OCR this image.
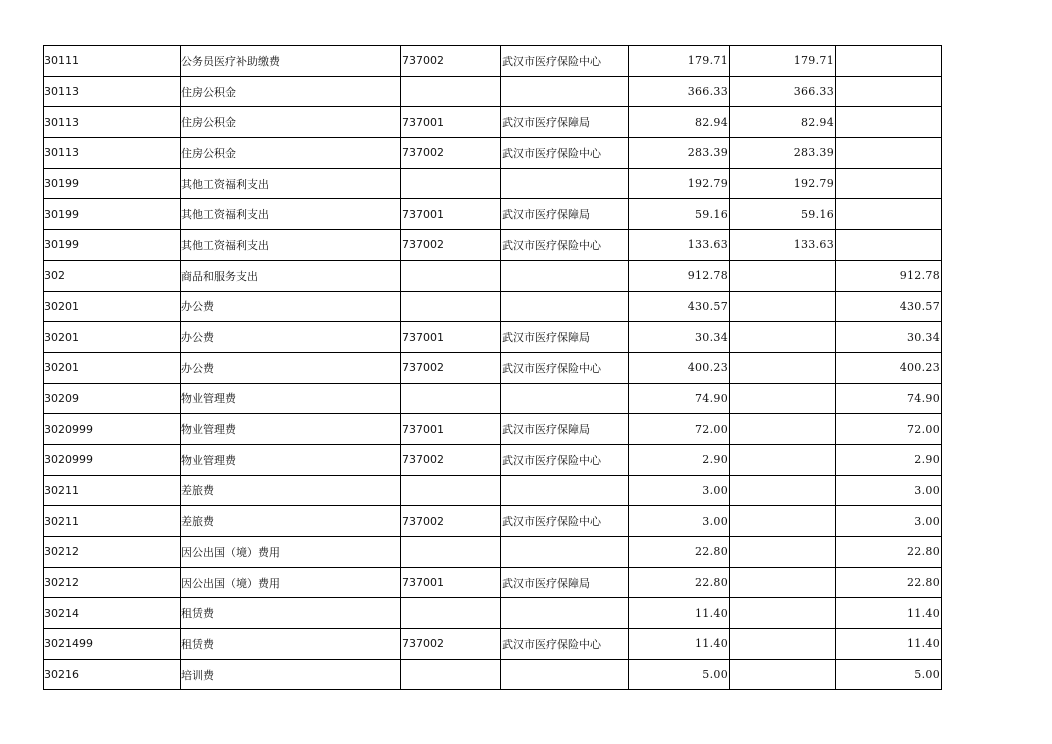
30111	公务员医疗补助缴费	737002	武汉市医疗保险中心	179.71	179.71	
30113	住房公积金			366.33	366.33	
30113	住房公积金	737001	武汉市医疗保障局	82.94	82.94	
30113	住房公积金	737002	武汉市医疗保险中心	283.39	283.39	
30199	其他工资福利支出			192.79	192.79	
30199	其他工资福利支出	737001	武汉市医疗保障局	59.16	59.16	
30199	其他工资福利支出	737002	武汉市医疗保险中心	133.63	133.63	
302	商品和服务支出			912.78		912.78
30201	办公费			430.57		430.57
30201	办公费	737001	武汉市医疗保障局	30.34		30.34
30201	办公费	737002	武汉市医疗保险中心	400.23		400.23
30209	物业管理费			74.90		74.90
3020999	物业管理费	737001	武汉市医疗保障局	72.00		72.00
3020999	物业管理费	737002	武汉市医疗保险中心	2.90		2.90
30211	差旅费			3.00		3.00
30211	差旅费	737002	武汉市医疗保险中心	3.00		3.00
30212	因公出国（境）费用			22.80		22.80
30212	因公出国（境）费用	737001	武汉市医疗保障局	22.80		22.80
30214	租赁费			11.40		11.40
3021499	租赁费	737002	武汉市医疗保险中心	11.40		11.40
30216	培训费			5.00		5.00
